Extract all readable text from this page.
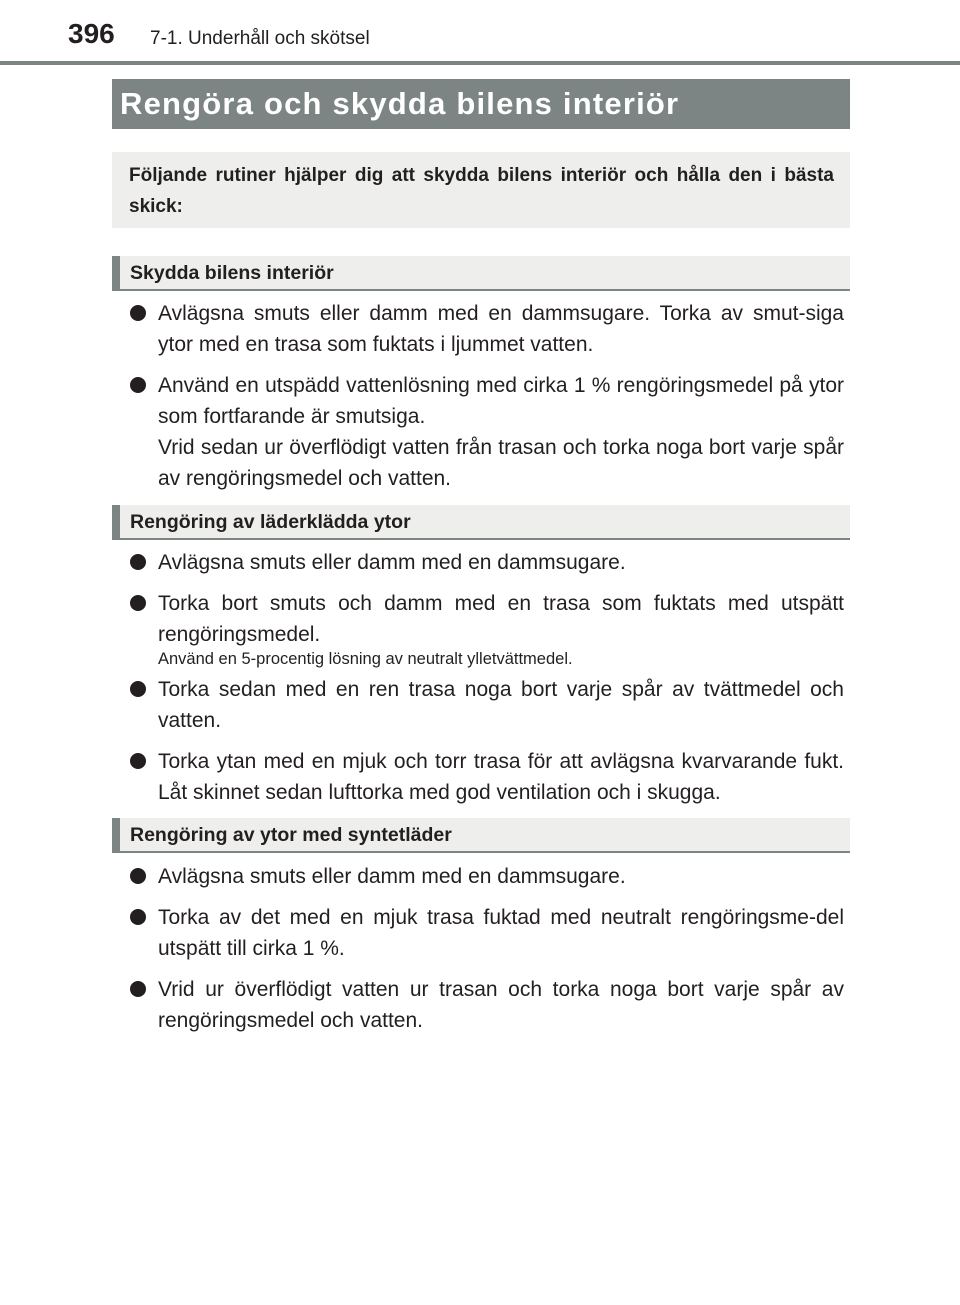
396 7-1. Underhåll och skötsel
Rengöra och skydda bilens interiör
Följande rutiner hjälper dig att skydda bilens interiör och hålla den i bästa skick:
Skydda bilens interiör
Avlägsna smuts eller damm med en dammsugare. Torka av smut-siga ytor med en trasa som fuktats i ljummet vatten.
Använd en utspädd vattenlösning med cirka 1 % rengöringsmedel på ytor som fortfarande är smutsiga.
Vrid sedan ur överflödigt vatten från trasan och torka noga bort varje spår av rengöringsmedel och vatten.
Rengöring av läderklädda ytor
Avlägsna smuts eller damm med en dammsugare.
Torka bort smuts och damm med en trasa som fuktats med utspätt rengöringsmedel.
Använd en 5-procentig lösning av neutralt ylletvättmedel.
Torka sedan med en ren trasa noga bort varje spår av tvättmedel och vatten.
Torka ytan med en mjuk och torr trasa för att avlägsna kvarvarande fukt. Låt skinnet sedan lufttorka med god ventilation och i skugga.
Rengöring av ytor med syntetläder
Avlägsna smuts eller damm med en dammsugare.
Torka av det med en mjuk trasa fuktad med neutralt rengöringsme-del utspätt till cirka 1 %.
Vrid ur överflödigt vatten ur trasan och torka noga bort varje spår av rengöringsmedel och vatten.
